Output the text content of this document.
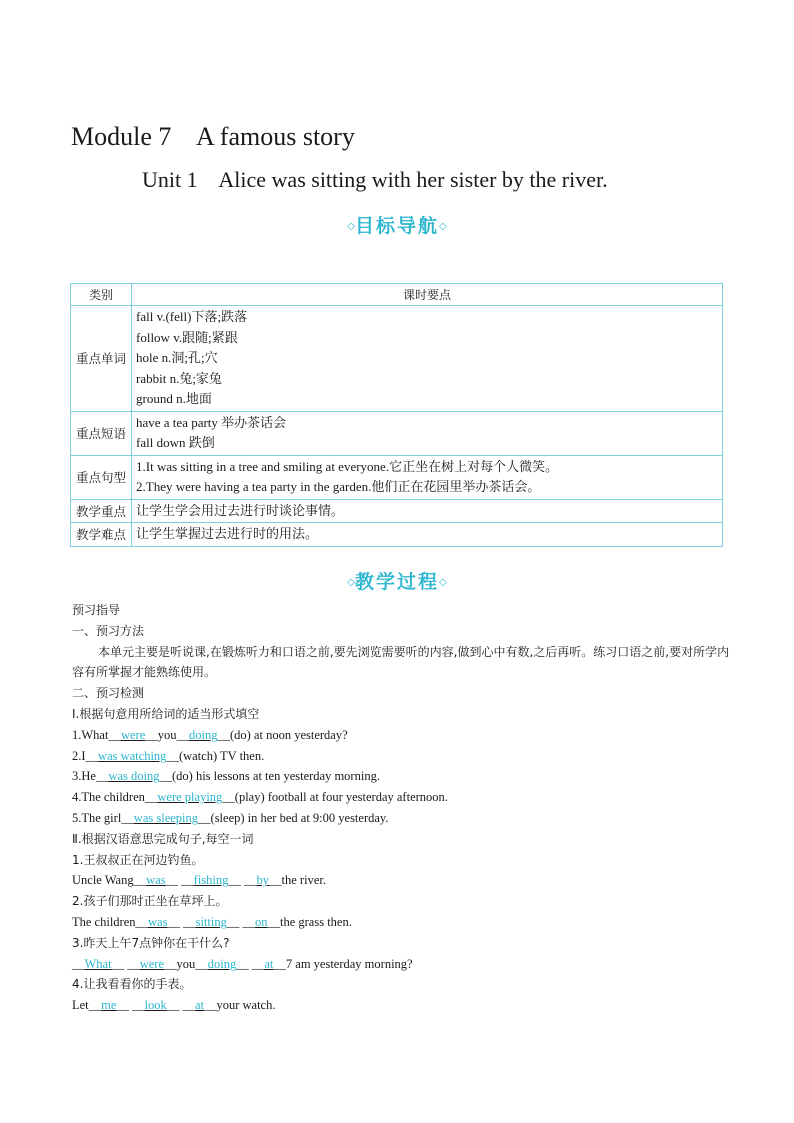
Module 7    A famous story
Unit 1    Alice was sitting with her sister by the river.
◇目标导航◇
类别	课时要点
重点单词	fall v.(fell)下落;跌落
follow v.跟随;紧跟
hole n.洞;孔;穴
rabbit n.兔;家兔
ground n.地面

重点短语	have a tea party 举办茶话会
fall down 跌倒

重点句型	1.It was sitting in a tree and smiling at everyone.它正坐在树上对每个人微笑。
2.They were having a tea party in the garden.他们正在花园里举办茶话会。

教学重点	让学生学会用过去进行时谈论事情。

教学难点	让学生掌握过去进行时的用法。
◇教学过程◇
预习指导
一、预习方法
本单元主要是听说课,在锻炼听力和口语之前,要先浏览需要听的内容,做到心中有数,之后再听。练习口语之前,要对所学内容有所掌握才能熟练使用。
二、预习检测
Ⅰ.根据句意用所给词的适当形式填空
1.What__were__you__doing__(do) at noon yesterday?
2.I__was watching__(watch) TV then.
3.He__was doing__(do) his lessons at ten yesterday morning.
4.The children__were playing__(play) football at four yesterday afternoon.
5.The girl__was sleeping__(sleep) in her bed at 9:00 yesterday.
Ⅱ.根据汉语意思完成句子,每空一词
1.王叔叔正在河边钓鱼。
Uncle Wang__was__ __fishing__ __by__the river.
2.孩子们那时正坐在草坪上。
The children__was__ __sitting__ __on__the grass then.
3.昨天上午7点钟你在干什么?
__What__ __were__you__doing__ __at__7 am yesterday morning?
4.让我看看你的手表。
Let__me__ __look__ __at__your watch.
